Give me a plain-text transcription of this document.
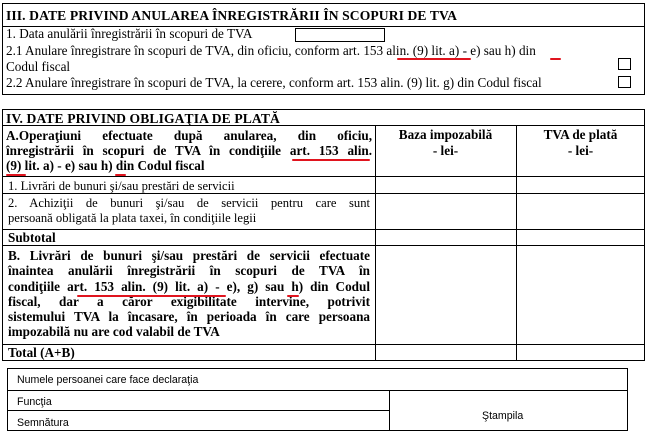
III. DATE PRIVIND ANULAREA ÎNREGISTRĂRII ÎN SCOPURI DE TVA
1. Data anulării înregistrării în scopuri de TVA
2.1 Anulare înregistrare în scopuri de TVA, din oficiu, conform art. 153 alin. (9) lit. a) - e) sau h) din
Codul fiscal
2.2 Anulare înregistrare în scopuri de TVA, la cerere, conform art. 153 alin. (9) lit. g) din Codul fiscal
IV. DATE PRIVIND OBLIGAŢIA DE PLATĂ
A.Operaţiuni efectuate după anularea, din oficiu,
înregistrării în scopuri de TVA în condiţiile art. 153 alin.
(9) lit. a) - e) sau h) din Codul fiscal
Baza impozabilă
- lei-
TVA de plată
- lei-
1. Livrări de bunuri şi/sau prestări de servicii
2. Achiziţii de bunuri şi/sau de servicii pentru care sunt
persoană obligată la plata taxei, în condiţiile legii
Subtotal
B. Livrări de bunuri şi/sau prestări de servicii efectuate
înaintea anulării înregistrării în scopuri de TVA în
condiţiile art. 153 alin. (9) lit. a) - e), g) sau h) din Codul
fiscal, dar a căror exigibilitate intervine, potrivit
sistemului TVA la încasare, în perioada în care persoana
impozabilă nu are cod valabil de TVA
Total (A+B)
Numele persoanei care face declaraţia
Funcţia
Semnătura
Ştampila
